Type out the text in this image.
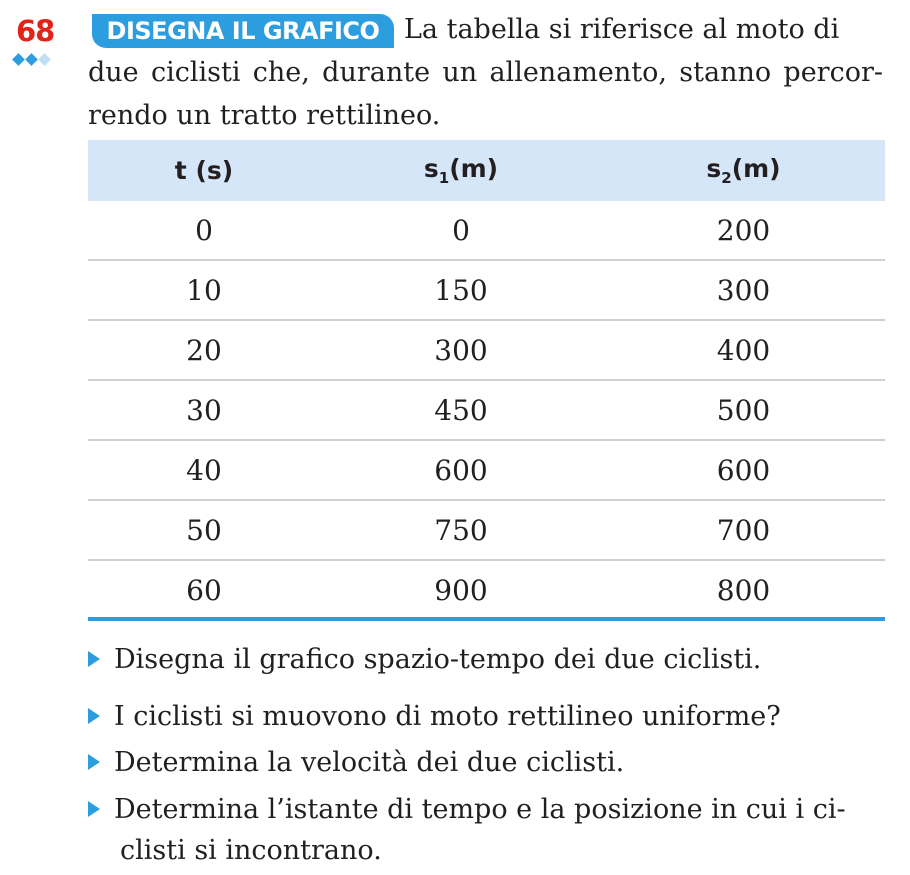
68	La tabella si riferisce al moto di
due ciclisti che, durante un allenamento, stanno percor-rendo un tratto rettilineo.
DISEGNA IL GRAFICO
t (s)	$s_1(m)$	$s_2(m)$
0	0	200
10	150	300
20	300	400
30	450	500
40	600	600
50	750	700
60	900	800
Disegna il grafico spazio-tempo dei due ciclisti.
I ciclisti si muovono di moto rettilineo uniforme?
Determina la velocità dei due ciclisti.
Determina l’istante di tempo e la posizione in cui i ci-
clisti si incontrano.
